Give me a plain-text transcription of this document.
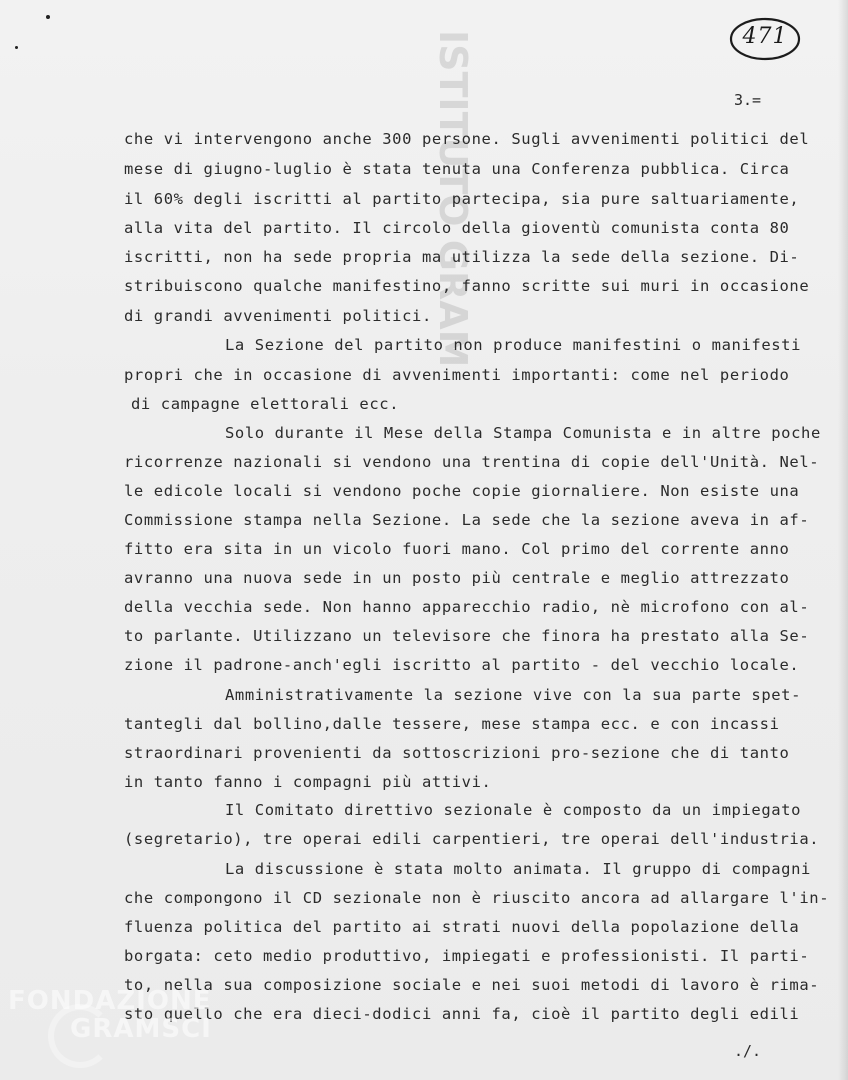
ISTITUTO GRAMSCI	471
3.=
che vi intervengono anche 300 persone. Sugli avvenimenti politici del
mese di giugno-luglio è stata tenuta una Conferenza pubblica. Circa
il 60% degli iscritti al partito partecipa, sia pure saltuariamente,
alla vita del partito. Il circolo della gioventù comunista conta 80
iscritti, non ha sede propria ma utilizza la sede della sezione. Di-
stribuiscono qualche manifestino, fanno scritte sui muri in occasione
di grandi avvenimenti politici.
La Sezione del partito non produce manifestini o manifesti
propri che in occasione di avvenimenti importanti: come nel periodo
di campagne elettorali ecc.
Solo durante il Mese della Stampa Comunista e in altre poche
ricorrenze nazionali si vendono una trentina di copie dell'Unità. Nel-
le edicole locali si vendono poche copie giornaliere. Non esiste una
Commissione stampa nella Sezione. La sede che la sezione aveva in af-
fitto era sita in un vicolo fuori mano. Col primo del corrente anno
avranno una nuova sede in un posto più centrale e meglio attrezzato
della vecchia sede. Non hanno apparecchio radio, nè microfono con al-
to parlante. Utilizzano un televisore che finora ha prestato alla Se-
zione il padrone-anch'egli iscritto al partito - del vecchio locale.
Amministrativamente la sezione vive con la sua parte spet-
tantegli dal bollino,dalle tessere, mese stampa ecc. e con incassi
straordinari provenienti da sottoscrizioni pro-sezione che di tanto
in tanto fanno i compagni più attivi.
Il Comitato direttivo sezionale è composto da un impiegato
(segretario), tre operai edili carpentieri, tre operai dell'industria.
La discussione è stata molto animata. Il gruppo di compagni
che compongono il CD sezionale non è riuscito ancora ad allargare l'in-
fluenza politica del partito ai strati nuovi della popolazione della
borgata: ceto medio produttivo, impiegati e professionisti. Il parti-
to, nella sua composizione sociale e nei suoi metodi di lavoro è rima-
sto quello che era dieci-dodici anni fa, cioè il partito degli edili
FONDAZIONE
GRAMSCI
./.
